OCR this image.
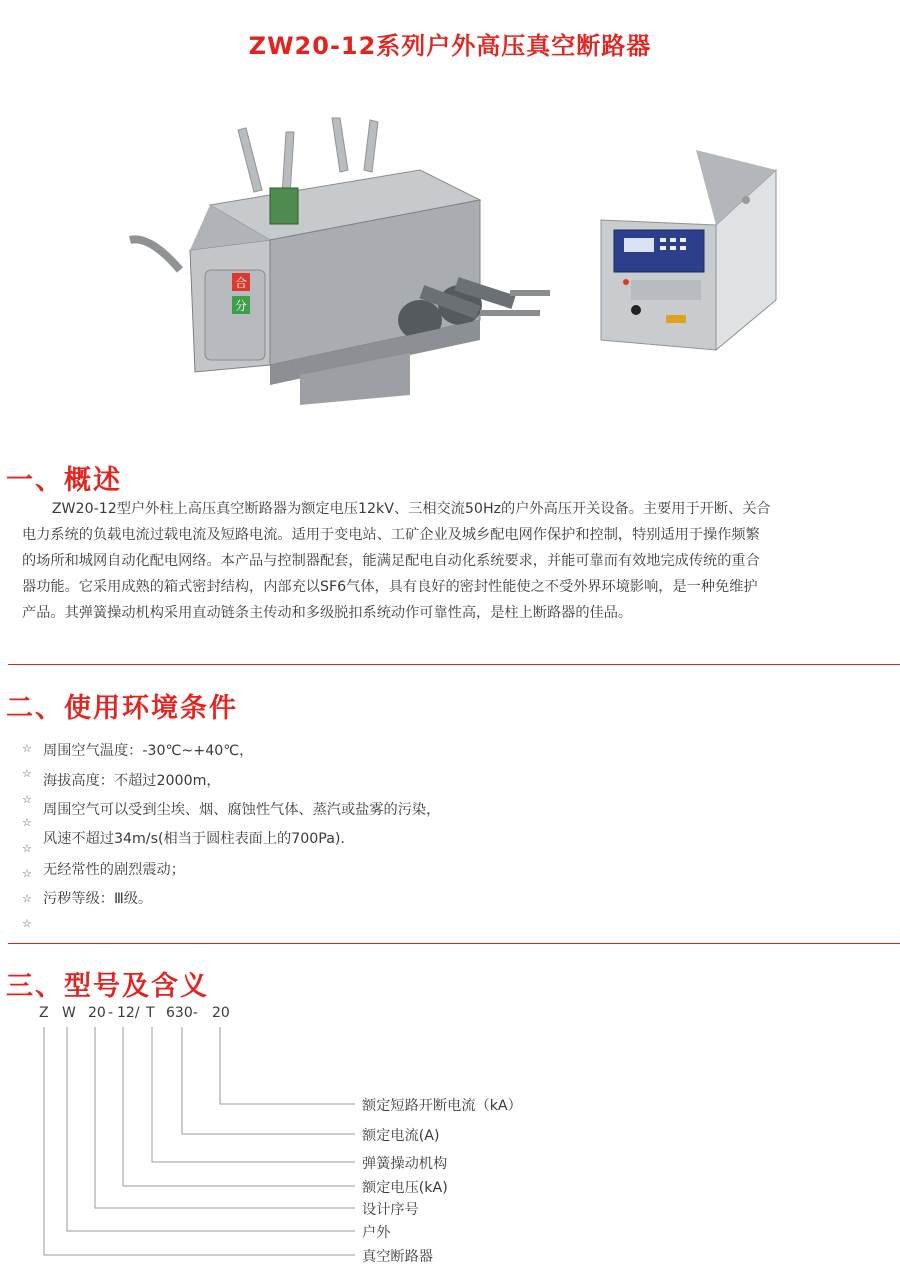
ZW20-12系列户外高压真空断路器
合
分
一、概述

ZW20-12型户外柱上高压真空断路器为额定电压12kV、三相交流50Hz的户外高压开关设备。主要用于开断、关合

电力系统的负载电流过载电流及短路电流。适用于变电站、工矿企业及城乡配电网作保护和控制，特别适用于操作频繁

的场所和城网自动化配电网络。本产品与控制器配套，能满足配电自动化系统要求，并能可靠而有效地完成传统的重合

器功能。它采用成熟的箱式密封结构，内部充以SF6气体，具有良好的密封性能使之不受外界环境影响，是一种免维护

产品。其弹簧操动机构采用直动链条主传动和多级脱扣系统动作可靠性高，是柱上断路器的佳品。

二、使用环境条件
☆
☆
☆
☆
☆
☆
☆
☆
周围空气温度：-30℃~+40℃，
海拔高度：不超过2000m，
周围空气可以受到尘埃、烟、腐蚀性气体、蒸汽或盐雾的污染，
风速不超过34m/s(相当于圆柱表面上的700Pa).
无经常性的剧烈震动；
污秽等级：Ⅲ级。
三、型号及含义
Z W 20 - 12/ T 630- 20
额定短路开断电流（kA）
额定电流(A)
弹簧操动机构
额定电压(kA)
设计序号
户外
真空断路器
